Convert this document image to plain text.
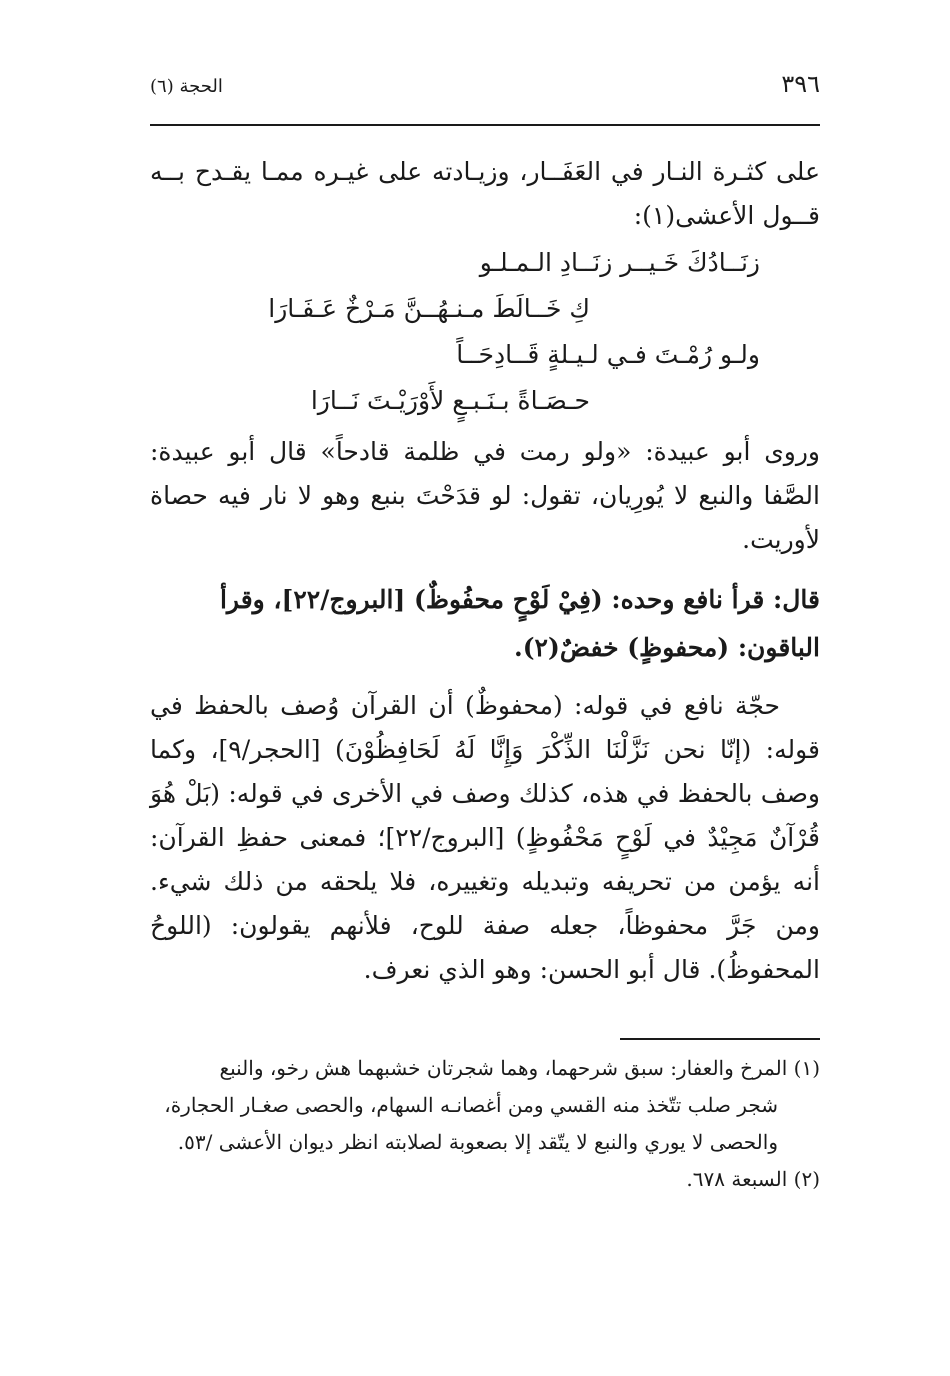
٣٩٦
الحجة (٦)

على كثـرة النـار في العَفَــار، وزيـادته على غيـره ممـا يقـدح بــه قــول الأعشى(١):

زنَــادُكَ خَـيــر زنَــادِ الـمـلـو
كِ خَــالَطَ مـنـهُــنَّ مَـرْخٌ عَـفَـارَا
ولـو رُمْـتَ فـي لـيـلةٍ قَــادِحَــاً
حـصَـاةً بـنَـبـعٍ لأَوْرَيْـتَ نَــارَا

وروى أبو عبيدة: «ولو رمت في ظلمة قادحاً» قال أبو عبيدة: الصَّفا والنبع لا يُورِيان، تقول: لو قدَحْتَ بنبع وهو لا نار فيه حصاة لأوريت.

قال: قرأ نافع وحده: (فِيْ لَوْحٍ محفُوظٌ) [البروج/٢٢]، وقرأ الباقون: (محفوظٍ) خفضٌ(٢).

حجّة نافع في قوله: (محفوظٌ) أن القرآن وُصف بالحفظ في قوله: (إنّا نحن نَزَّلْنَا الذِّكْرَ وَإِنَّا لَهُ لَحَافِظُوْنَ) [الحجر/٩]، وكما وصف بالحفظ في هذه، كذلك وصف في الأخرى في قوله: (بَلْ هُوَ قُرْآنٌ مَجِيْدٌ في لَوْحٍ مَحْفُوظٍ) [البروج/٢٢]؛ فمعنى حفظِ القرآن: أنه يؤمن من تحريفه وتبديله وتغييره، فلا يلحقه من ذلك شيء. ومن جَرَّ محفوظاً، جعله صفة للوح، فلأنهم يقولون: (اللوحُ المحفوظُ). قال أبو الحسن: وهو الذي نعرف.

(١) المرخ والعفار: سبق شرحهما، وهما شجرتان خشبهما هش رخو، والنبع

شجر صلب تتّخذ منه القسي ومن أغصانـه السهام، والحصى صغـار الحجارة، والحصى لا يوري والنبع لا يتّقد إلا بصعوبة لصلابته انظر ديوان الأعشى /٥٣.

(٢) السبعة ٦٧٨.
